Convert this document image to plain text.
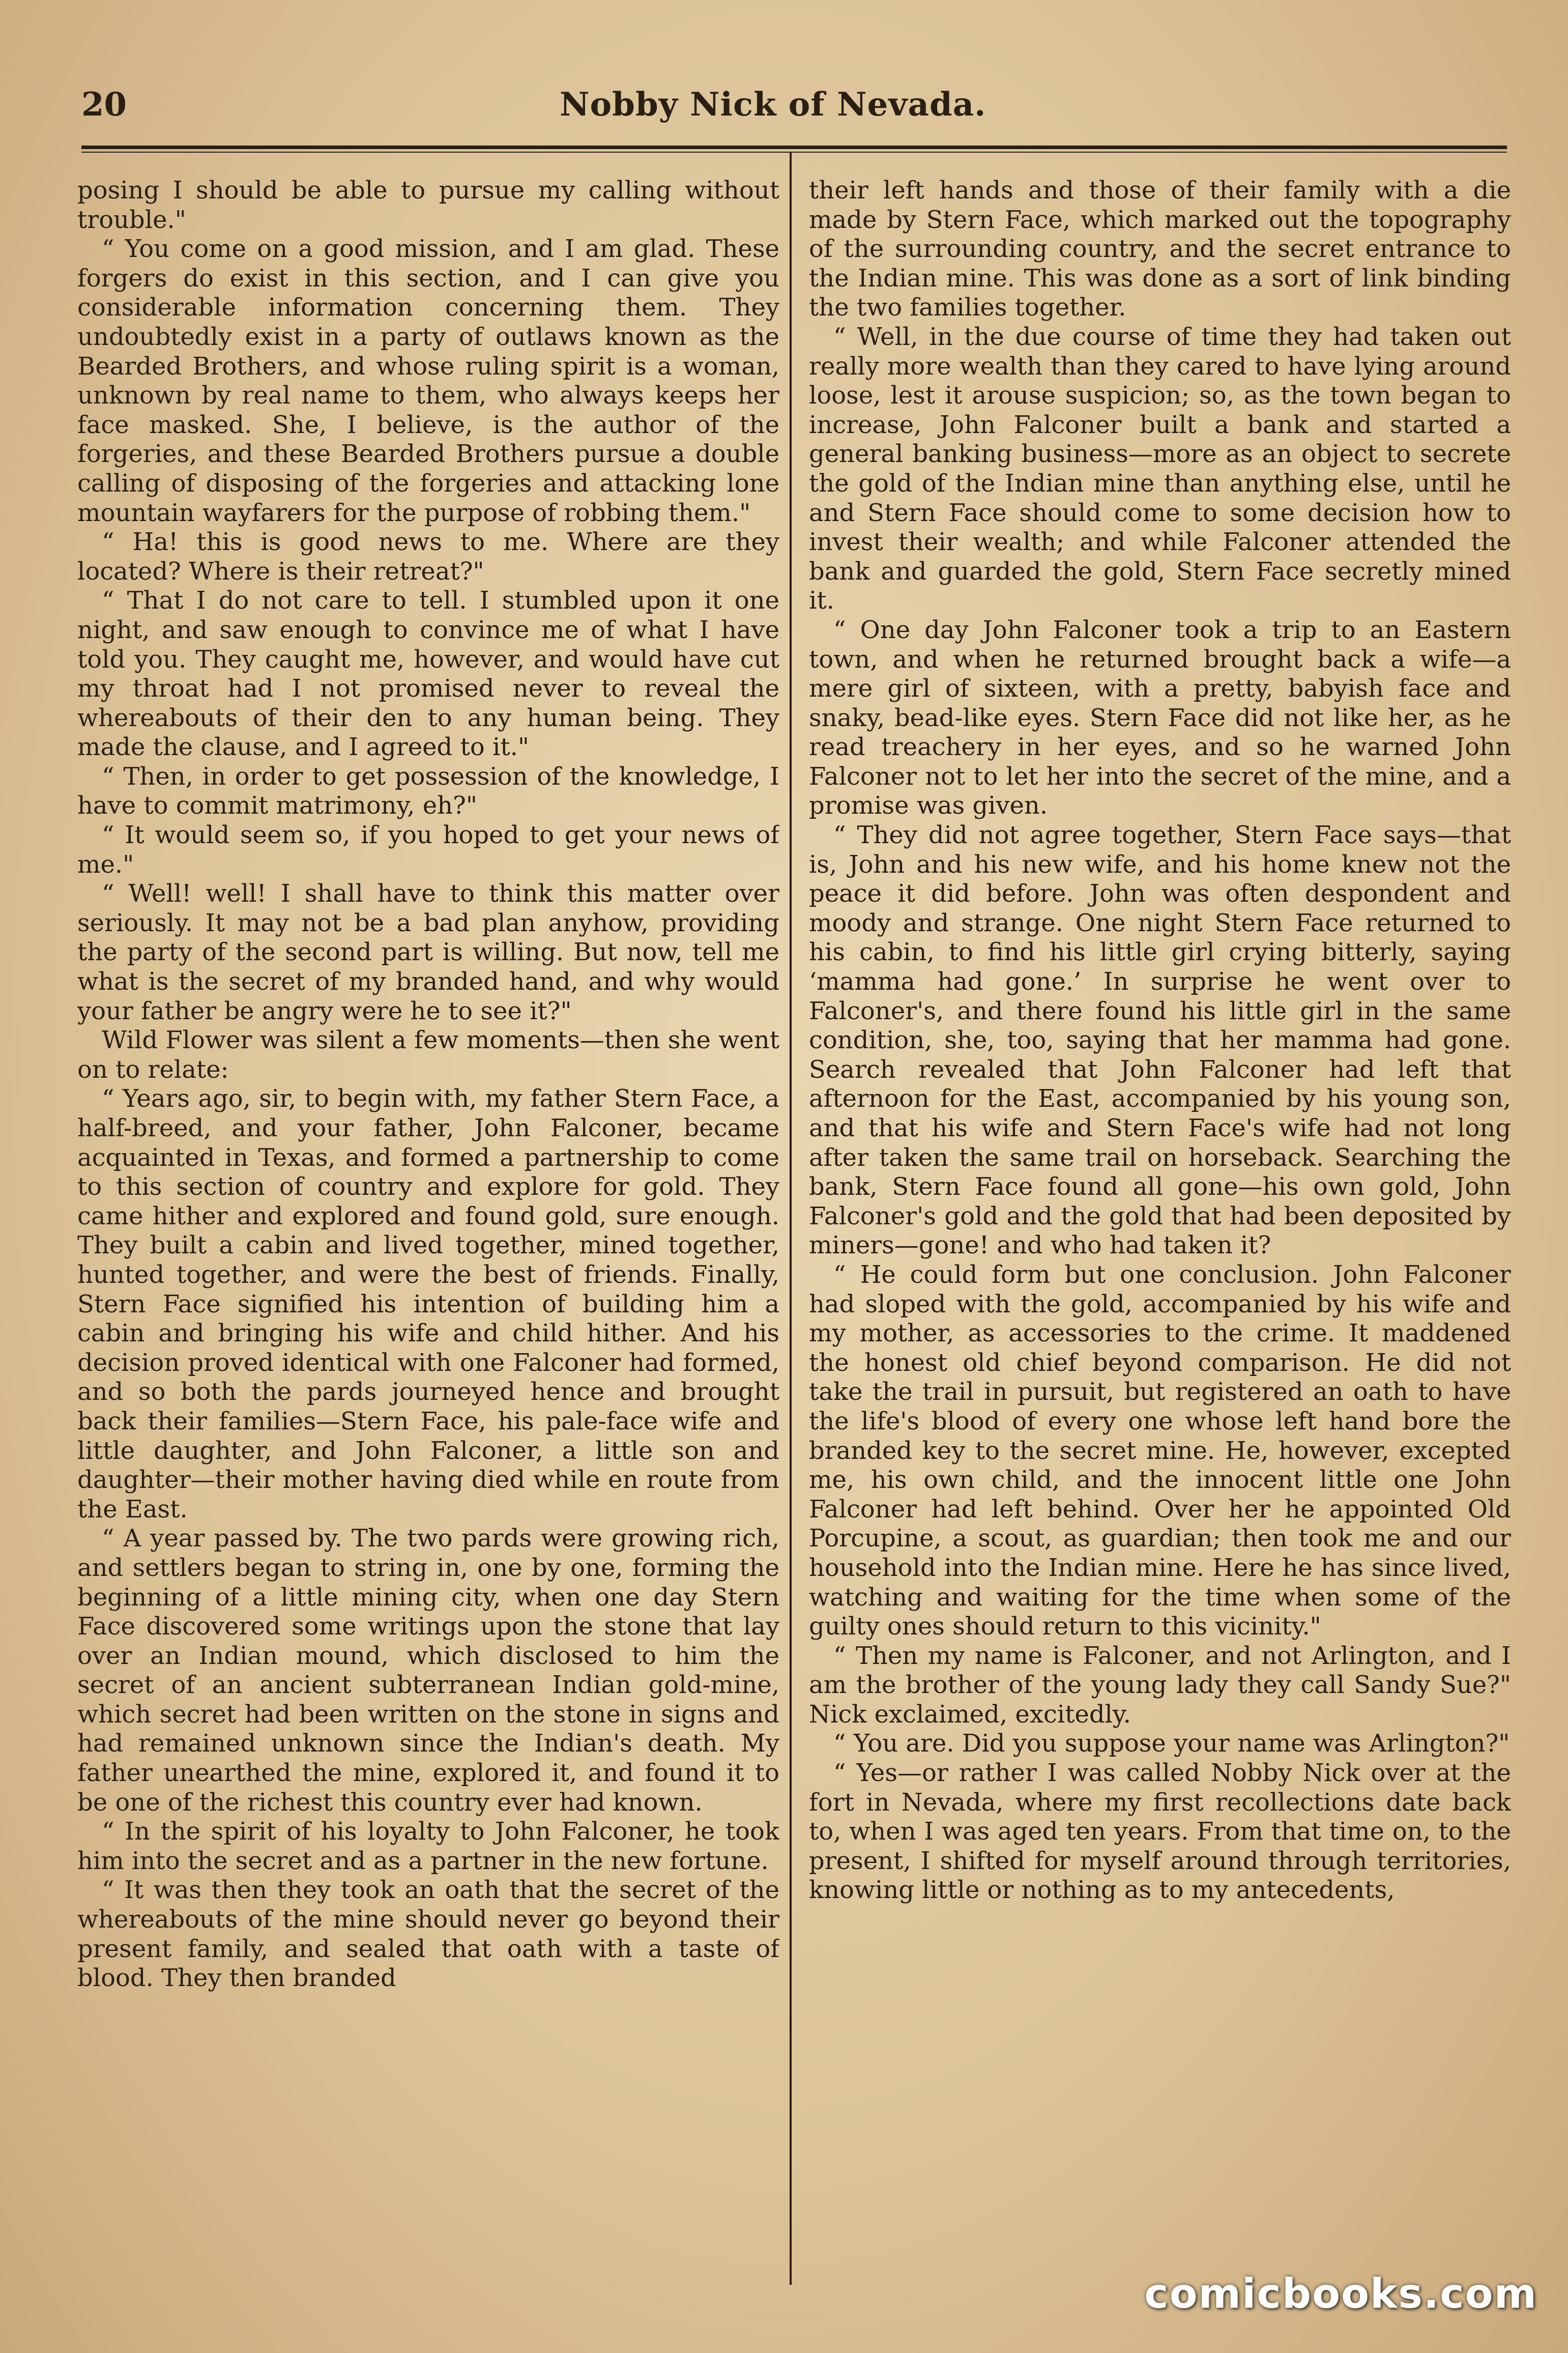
20	Nobby Nick of Nevada.

posing I should be able to pursue my calling without trouble."

“ You come on a good mission, and I am glad. These forgers do exist in this section, and I can give you considerable information concerning them. They undoubtedly exist in a party of outlaws known as the Bearded Brothers, and whose ruling spirit is a woman, unknown by real name to them, who always keeps her face masked. She, I believe, is the author of the forgeries, and these Bearded Brothers pursue a double calling of disposing of the forgeries and attacking lone mountain wayfarers for the purpose of robbing them."

“ Ha! this is good news to me. Where are they located? Where is their retreat?"

“ That I do not care to tell. I stumbled upon it one night, and saw enough to convince me of what I have told you. They caught me, however, and would have cut my throat had I not promised never to reveal the whereabouts of their den to any human being. They made the clause, and I agreed to it."

“ Then, in order to get possession of the knowledge, I have to commit matrimony, eh?"

“ It would seem so, if you hoped to get your news of me."

“ Well! well! I shall have to think this matter over seriously. It may not be a bad plan anyhow, providing the party of the second part is willing. But now, tell me what is the secret of my branded hand, and why would your father be angry were he to see it?"

Wild Flower was silent a few moments—then she went on to relate:

“ Years ago, sir, to begin with, my father Stern Face, a half-breed, and your father, John Falconer, became acquainted in Texas, and formed a partnership to come to this section of country and explore for gold. They came hither and explored and found gold, sure enough. They built a cabin and lived together, mined together, hunted together, and were the best of friends. Finally, Stern Face signified his intention of building him a cabin and bringing his wife and child hither. And his decision proved identical with one Falconer had formed, and so both the pards journeyed hence and brought back their families—Stern Face, his pale-face wife and little daughter, and John Falconer, a little son and daughter—their mother having died while en route from the East.

“ A year passed by. The two pards were growing rich, and settlers began to string in, one by one, forming the beginning of a little mining city, when one day Stern Face discovered some writings upon the stone that lay over an Indian mound, which disclosed to him the secret of an ancient subterranean Indian gold-mine, which secret had been written on the stone in signs and had remained unknown since the Indian's death. My father unearthed the mine, explored it, and found it to be one of the richest this country ever had known.

“ In the spirit of his loyalty to John Falconer, he took him into the secret and as a partner in the new fortune.

“ It was then they took an oath that the secret of the whereabouts of the mine should never go beyond their present family, and sealed that oath with a taste of blood. They then branded

their left hands and those of their family with a die made by Stern Face, which marked out the topography of the surrounding country, and the secret entrance to the Indian mine. This was done as a sort of link binding the two families together.

“ Well, in the due course of time they had taken out really more wealth than they cared to have lying around loose, lest it arouse suspicion; so, as the town began to increase, John Falconer built a bank and started a general banking business—more as an object to secrete the gold of the Indian mine than anything else, until he and Stern Face should come to some decision how to invest their wealth; and while Falconer attended the bank and guarded the gold, Stern Face secretly mined it.

“ One day John Falconer took a trip to an Eastern town, and when he returned brought back a wife—a mere girl of sixteen, with a pretty, babyish face and snaky, bead-like eyes. Stern Face did not like her, as he read treachery in her eyes, and so he warned John Falconer not to let her into the secret of the mine, and a promise was given.

“ They did not agree together, Stern Face says—that is, John and his new wife, and his home knew not the peace it did before. John was often despondent and moody and strange. One night Stern Face returned to his cabin, to find his little girl crying bitterly, saying ‘mamma had gone.’ In surprise he went over to Falconer's, and there found his little girl in the same condition, she, too, saying that her mamma had gone. Search revealed that John Falconer had left that afternoon for the East, accompanied by his young son, and that his wife and Stern Face's wife had not long after taken the same trail on horseback. Searching the bank, Stern Face found all gone—his own gold, John Falconer's gold and the gold that had been deposited by miners—gone! and who had taken it?

“ He could form but one conclusion. John Falconer had sloped with the gold, accompanied by his wife and my mother, as accessories to the crime. It maddened the honest old chief beyond comparison. He did not take the trail in pursuit, but registered an oath to have the life's blood of every one whose left hand bore the branded key to the secret mine. He, however, excepted me, his own child, and the innocent little one John Falconer had left behind. Over her he appointed Old Porcupine, a scout, as guardian; then took me and our household into the Indian mine. Here he has since lived, watching and waiting for the time when some of the guilty ones should return to this vicinity."

“ Then my name is Falconer, and not Arlington, and I am the brother of the young lady they call Sandy Sue?" Nick exclaimed, excitedly.

“ You are. Did you suppose your name was Arlington?"

“ Yes—or rather I was called Nobby Nick over at the fort in Nevada, where my first recollections date back to, when I was aged ten years. From that time on, to the present, I shifted for myself around through territories, knowing little or nothing as to my antecedents,

comicbooks.com
